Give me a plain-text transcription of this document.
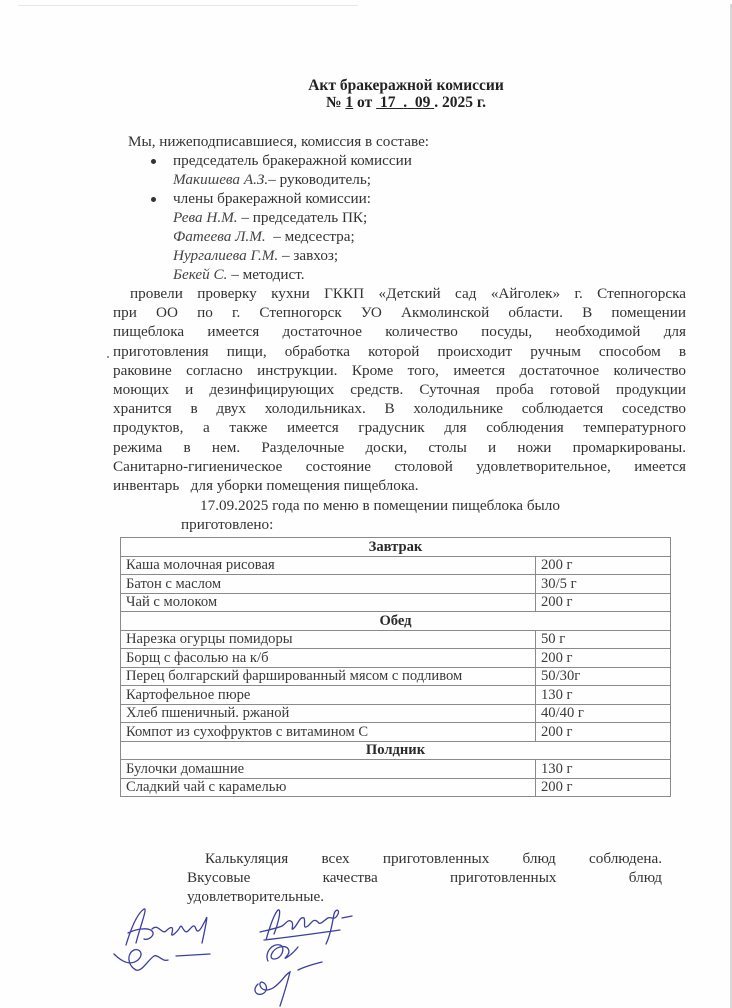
Акт бракеражной комиссии
№ 1 от 17 . 09 . 2025 г.
Мы, нижеподписавшиеся, комиссия в составе:
председатель бракеражной комиссии
Макишева А.З.– руководитель;
члены бракеражной комиссии:
Рева Н.М. – председатель ПК;
Фатеева Л.М.  – медсестра;
Нургалиева Г.М. – завхоз;
Бекей С. – методист.
провели проверку кухни ГККП «Детский сад «Айголек» г. Степногорска
при ОО по г. Степногорск УО Акмолинской области. В помещении
пищеблока имеется достаточное количество посуды, необходимой для
приготовления пищи, обработка которой происходит ручным способом в
раковине согласно инструкции. Кроме того, имеется достаточное количество
моющих и дезинфицирующих средств. Суточная проба готовой продукции
хранится в двух холодильниках. В холодильнике соблюдается соседство
продуктов, а также имеется градусник для соблюдения температурного
режима в нем. Разделочные доски, столы и ножи промаркированы.
Санитарно-гигиеническое состояние столовой удовлетворительное, имеется
инвентарь   для уборки помещения пищеблока.
17.09.2025 года по меню в помещении пищеблока было
приготовлено:
Завтрак	
Каша молочная рисовая	200 г
Батон с маслом	30/5 г
Чай с молоком	200 г
Обед	
Нарезка огурцы помидоры	50 г
Борщ с фасолью на к/б	200 г
Перец болгарский фаршированный мясом с подливом	50/30г
Картофельное пюре	130 г
Хлеб пшеничный. ржаной	40/40 г
Компот из сухофруктов с витамином С	200 г
Полдник	
Булочки домашние	130 г
Сладкий чай с карамелью	200 г
Калькуляция всех приготовленных блюд соблюдена.
Вкусовые качества приготовленных блюд
удовлетворительные.
